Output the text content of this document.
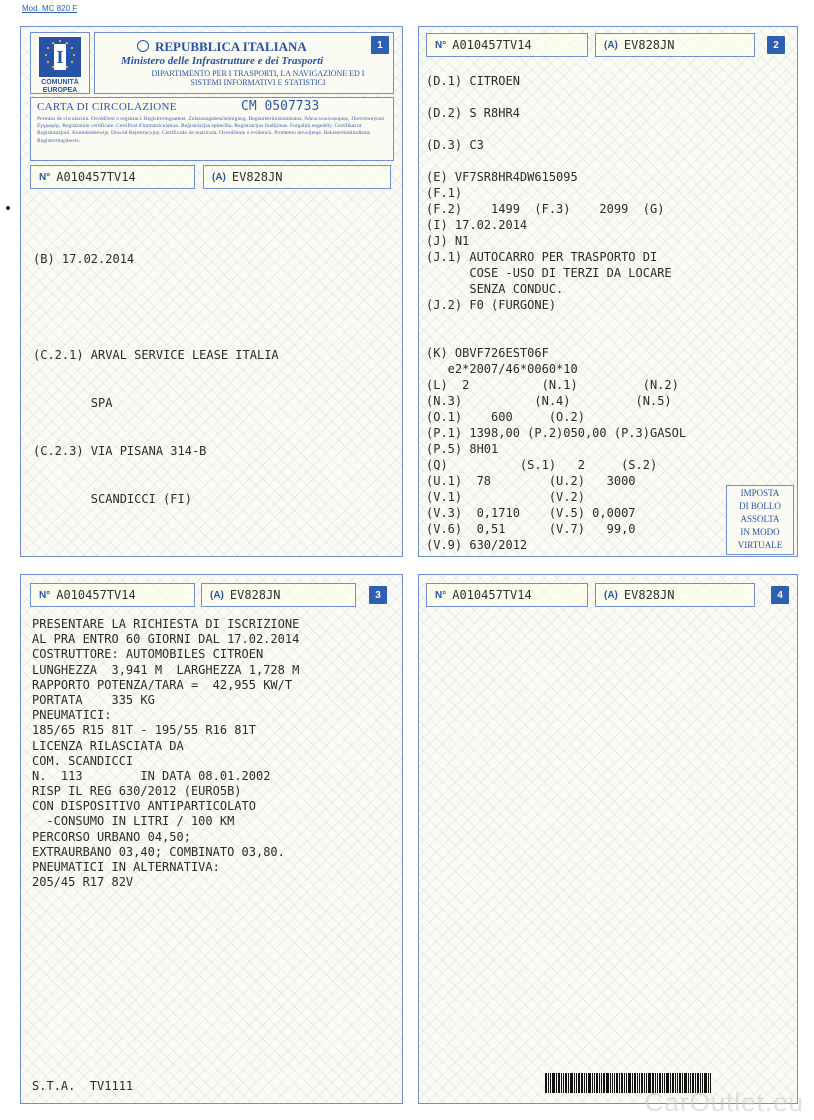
Mod. MC 820 F
I
COMUNITÀ EUROPEA
REPUBBLICA ITALIANA
Ministero delle Infrastrutture e dei Trasporti
DIPARTIMENTO PER I TRASPORTI, LA NAVIGAZIONE ED I SISTEMI INFORMATIVI E STATISTICI
1
CARTA DI CIRCOLAZIONE	CM 0507733
Permiso de circulación. Osvědčení o registraci. Registreringsattest. Zulassungsbescheinigung. Registreerimistunnistus. Άδεια κυκλοφορίας. Πιστοποιητικό Εγγραφής. Registration certificate. Certificat d'immatriculation. Reģistrācijas apliecība. Registracijos liudijimas. Forgalmi engedély. Certifikat ta' Reġistrazzjoni. Kentekenbewijs. Dowód Rejestracyjny. Certificado de matrícula. Osvedčenie o evidencii. Prometno dovoljenje. Rekisteröintitodistus. Registreringsbevis.
N° A010457TV14	(A) EV828JN

(B) 17.02.2014

(C.2.1) ARVAL SERVICE LEASE ITALIA

SPA

(C.2.3) VIA PISANA 314-B

SCANDICCI (FI)

N° A010457TV14	(A) EV828JN	2
(D.1) CITROEN
(D.2) S R8HR4
(D.3) C3
(E) VF7SR8HR4DW615095
(F.1)
(F.2)    1499  (F.3)    2099  (G)
(I) 17.02.2014
(J) N1
(J.1) AUTOCARRO PER TRASPORTO DI
COSE -USO DI TERZI DA LOCARE
SENZA CONDUC.
(J.2) F0 (FURGONE)
(K) OBVF726EST06F
e2*2007/46*0060*10
(L)  2          (N.1)         (N.2)
(N.3)          (N.4)         (N.5)
(O.1)    600     (O.2)
(P.1) 1398,00 (P.2)050,00 (P.3)GASOL
(P.5) 8H01
(Q)          (S.1)   2     (S.2)
(U.1)  78        (U.2)   3000
(V.1)            (V.2)
(V.3)  0,1710    (V.5) 0,0007
(V.6)  0,51      (V.7)   99,0
(V.9) 630/2012
IMPOSTA
DI BOLLO
ASSOLTA
IN MODO
VIRTUALE
N° A010457TV14	(A) EV828JN	3
PRESENTARE LA RICHIESTA DI ISCRIZIONE
AL PRA ENTRO 60 GIORNI DAL 17.02.2014
COSTRUTTORE: AUTOMOBILES CITROEN
LUNGHEZZA  3,941 M  LARGHEZZA 1,728 M
RAPPORTO POTENZA/TARA =  42,955 KW/T
PORTATA    335 KG
PNEUMATICI:
185/65 R15 81T - 195/55 R16 81T
LICENZA RILASCIATA DA
COM. SCANDICCI
N.  113        IN DATA 08.01.2002
RISP IL REG 630/2012 (EURO5B)
CON DISPOSITIVO ANTIPARTICOLATO
-CONSUMO IN LITRI / 100 KM
PERCORSO URBANO 04,50;
EXTRAURBANO 03,40; COMBINATO 03,80.
PNEUMATICI IN ALTERNATIVA:
205/45 R17 82V
S.T.A.  TV1111
N° A010457TV14	(A) EV828JN	4
CarOutlet.eu
